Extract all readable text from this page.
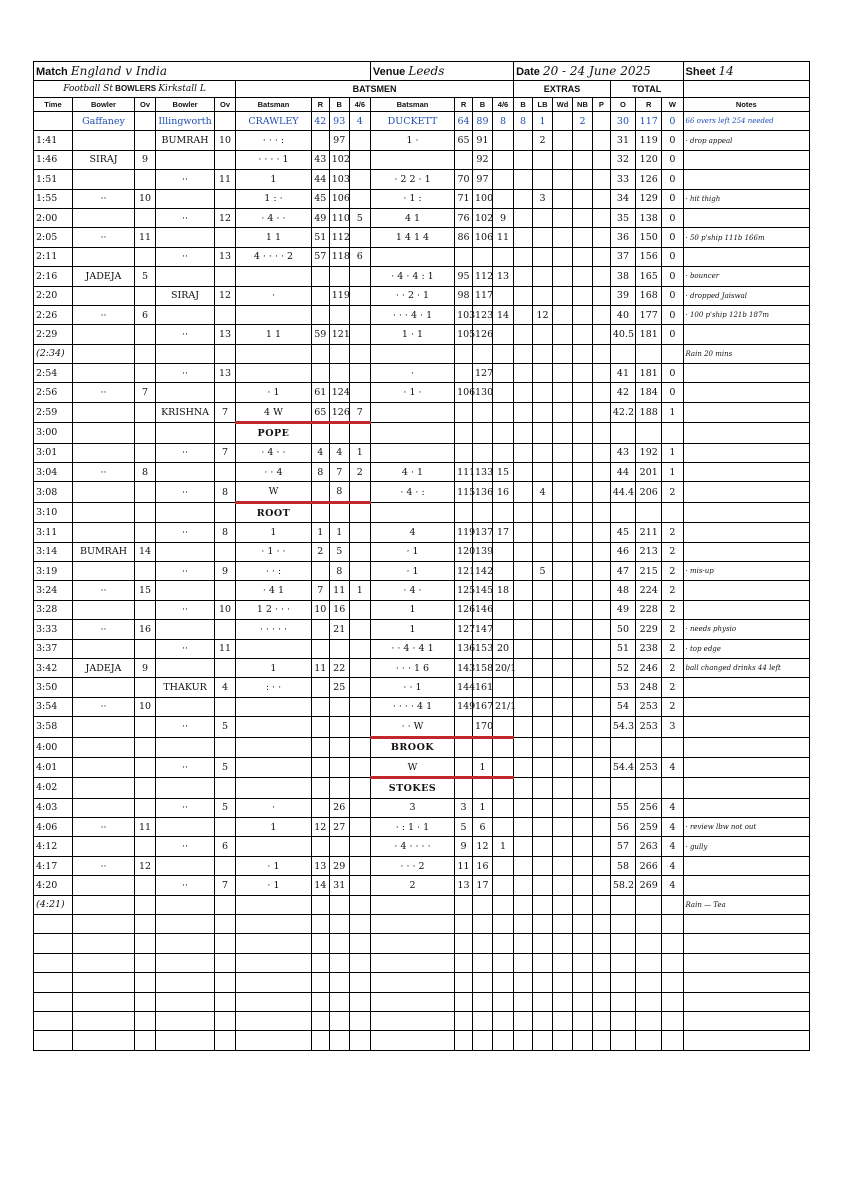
Match England v India									Venue Leeds				Date 20 - 24 June 2025								Sheet 14
Football St BOWLERS Kirkstall L					BATSMEN								EXTRAS					TOTAL			
Time	Bowler	Ov	Bowler	Ov	Batsman	R	B	4/6	Batsman	R	B	4/6	B	LB	Wd	NB	P	O	R	W	Notes
	Gaffaney		Illingworth		CRAWLEY	42	93	4	DUCKETT	64	89	8	8	1		2		30	117	0	66 overs left 254 needed
1:41			BUMRAH	10	· · · :		97		1 ·	65	91			2				31	119	0	· drop appeal
1:46	SIRAJ	9			· · · · 1	43	102				92							32	120	0	
1:51			··	11	1	44	103		· 2 2 · 1	70	97							33	126	0	
1:55	··	10			1 : ·	45	106		· 1 :	71	100			3				34	129	0	· hit thigh
2:00			··	12	· 4 · ·	49	110	5	4 1	76	102	9						35	138	0	
2:05	··	11			1 1	51	112		1 4 1 4	86	106	11						36	150	0	· 50 p'ship 111b 166m
2:11			··	13	4 · · · · 2	57	118	6										37	156	0	
2:16	JADEJA	5							· 4 · 4 : 1	95	112	13						38	165	0	· bouncer
2:20			SIRAJ	12	·		119		· · 2 · 1	98	117							39	168	0	· dropped Jaiswal
2:26	··	6							· · · 4 · 1	103	123	14		12				40	177	0	· 100 p'ship 121b 187m
2:29			··	13	1 1	59	121		1 · 1	105	126							40.5	181	0	
(2:34)																					Rain 20 mins
2:54			··	13					·		127							41	181	0	
2:56	··	7			· 1	61	124		· 1 ·	106	130							42	184	0	
2:59			KRISHNA	7	4 W	65	126	7										42.2	188	1	
3:00					POPE																
3:01			··	7	· 4 · ·	4	4	1										43	192	1	
3:04	··	8			· · 4	8	7	2	4 · 1	111	133	15						44	201	1	
3:08			··	8	W		8		· 4 · :	115	136	16		4				44.4	206	2	
3:10					ROOT																
3:11			··	8	1	1	1		4	119	137	17						45	211	2	
3:14	BUMRAH	14			· 1 · ·	2	5		· 1	120	139							46	213	2	
3:19			··	9	· · :		8		· 1	121	142			5				47	215	2	· mis-up
3:24	··	15			· 4 1	7	11	1	· 4 ·	125	145	18						48	224	2	
3:28			··	10	1 2 · · ·	10	16		1	126	146							49	228	2	
3:33	··	16			· · · · ·		21		1	127	147							50	229	2	· needs physio
3:37			··	11					· · 4 · 4 1	136	153	20						51	238	2	· top edge
3:42	JADEJA	9			1	11	22		· · · 1 6	143	158	20/1						52	246	2	ball changed drinks 44 left
3:50			THAKUR	4	: · ·		25		· · 1	144	161							53	248	2	
3:54	··	10							· · · · 4 1	149	167	21/1						54	253	2	
3:58			··	5					· · W		170							54.3	253	3	
4:00									BROOK												
4:01			··	5					W		1							54.4	253	4	
4:02									STOKES												
4:03			··	5	·		26		3	3	1							55	256	4	
4:06	··	11			1	12	27		· : 1 · 1	5	6							56	259	4	· review lbw not out
4:12			··	6					· 4 · · · ·	9	12	1						57	263	4	· gully
4:17	··	12			· 1	13	29		· · · 2	11	16							58	266	4	
4:20			··	7	· 1	14	31		2	13	17							58.2	269	4	
(4:21)																					Rain — Tea
